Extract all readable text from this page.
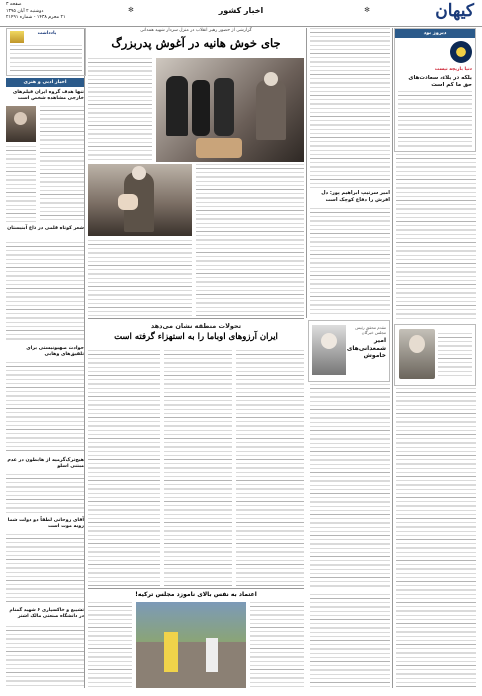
کیهان
✻
اخبار کشور
✻
صفحه ۳
دوشنبه ۲ آبان ۱۳۹۵
۲۱ محرم ۱۴۳۸ - شماره ۲۱۴۹۱
دیروز بود
دنیا بازیچه نیست
بلکه در بلاء، سعادت‌های حق ما کم است
امیر سرتیپ ابراهیم پور: دل افرش را دفاع کوچک است
مقدم محقق رئیس مجلس خبرگان
امیر شمعدانی‌های خاموش
گزارشی از حضور رهبر انقلاب در منزل سردار شهید همدانی
جای خوش هانیه در آغوش پدربزرگ
تحولات منطقه نشان می‌دهد
ایران آرزوهای اوباما را به استهزاء گرفته است
اعتماد به نفس بالای ناموزد مجلس ترکیه!
یادداشت
اخبار ادبی و هنری
تنها هدف گروه ایران فیلم‌های خارجی مشاهده شخص است
شعر کوتاه قلمی در ذاع آبنیستان
حوادث صهیونیستی برای تلفیق‌های وهابی
هیچ‌ترک‌گرمیه از هابطون در عدم مبتنی اسلو
آقای روحانی لطفاً دو دولت شما روبه موت است
تشییع و خاکسپاری ۶ شهید گمنام در دانشگاه صنعتی مالک اشتر
